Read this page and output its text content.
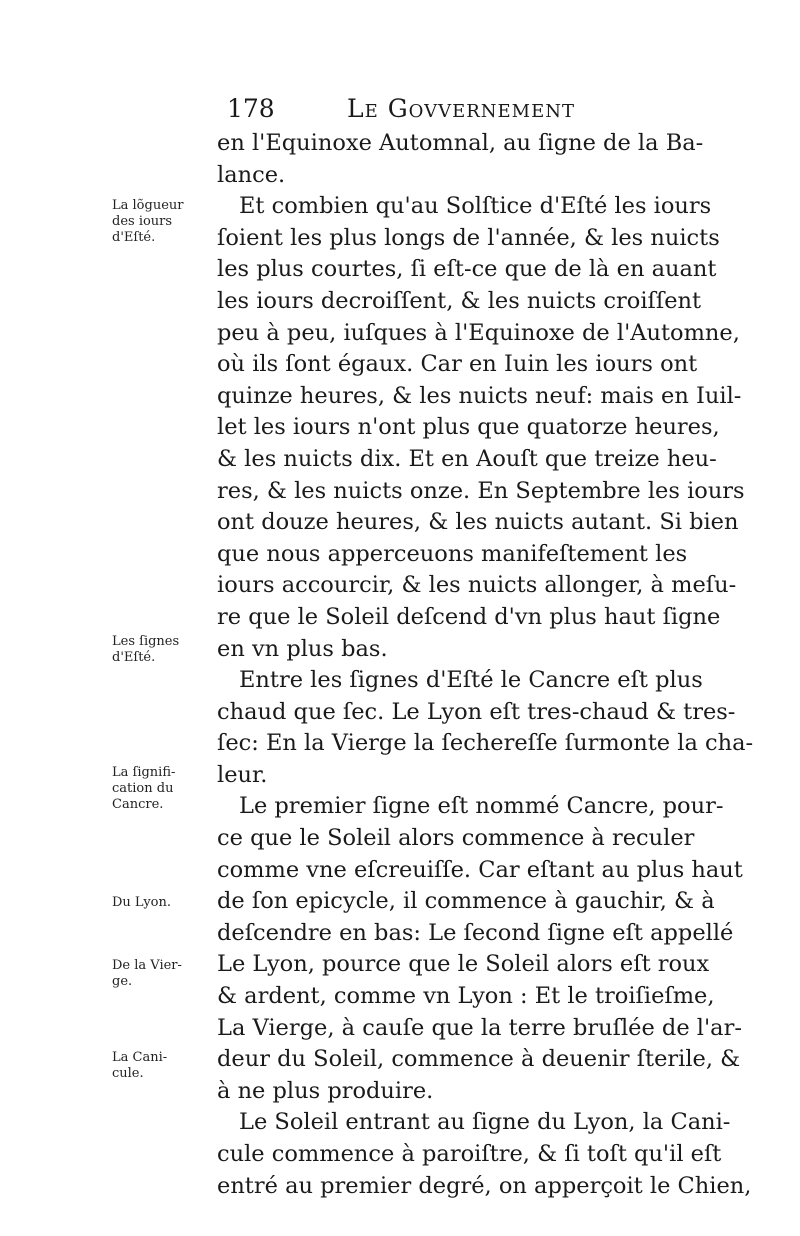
178	Le Govvernement
en l'Equinoxe Automnal, au ſigne de la Ba-
lance.
Et combien qu'au Solſtice d'Eſté les iours
ſoient les plus longs de l'année, & les nuicts
les plus courtes, ſi eſt-ce que de là en auant
les iours decroiſſent, & les nuicts croiſſent
peu à peu, iuſques à l'Equinoxe de l'Automne,
où ils ſont égaux. Car en Iuin les iours ont
quinze heures, & les nuicts neuf: mais en Iuil-
let les iours n'ont plus que quatorze heures,
& les nuicts dix. Et en Aouſt que treize heu-
res, & les nuicts onze. En Septembre les iours
ont douze heures, & les nuicts autant. Si bien
que nous apperceuons manifeſtement les
iours accourcir, & les nuicts allonger, à meſu-
re que le Soleil deſcend d'vn plus haut ſigne
en vn plus bas.
Entre les ſignes d'Eſté le Cancre eſt plus
chaud que ſec. Le Lyon eſt tres-chaud & tres-
ſec: En la Vierge la ſechereſſe ſurmonte la cha-
leur.
Le premier ſigne eſt nommé Cancre, pour-
ce que le Soleil alors commence à reculer
comme vne eſcreuiſſe. Car eſtant au plus haut
de ſon epicycle, il commence à gauchir, & à
deſcendre en bas: Le ſecond ſigne eſt appellé
Le Lyon, pource que le Soleil alors eſt roux
& ardent, comme vn Lyon : Et le troiſieſme,
La Vierge, à cauſe que la terre bruſlée de l'ar-
deur du Soleil, commence à deuenir ſterile, &
à ne plus produire.
Le Soleil entrant au ſigne du Lyon, la Cani-
cule commence à paroiſtre, & ſi toſt qu'il eſt
entré au premier degré, on apperçoit le Chien,
La lõgueur
des iours
d'Eſté.
Les ſignes
d'Eſté.
La ſignifi-
cation du
Cancre.
Du Lyon.
De la Vier-
ge.
La Cani-
cule.
